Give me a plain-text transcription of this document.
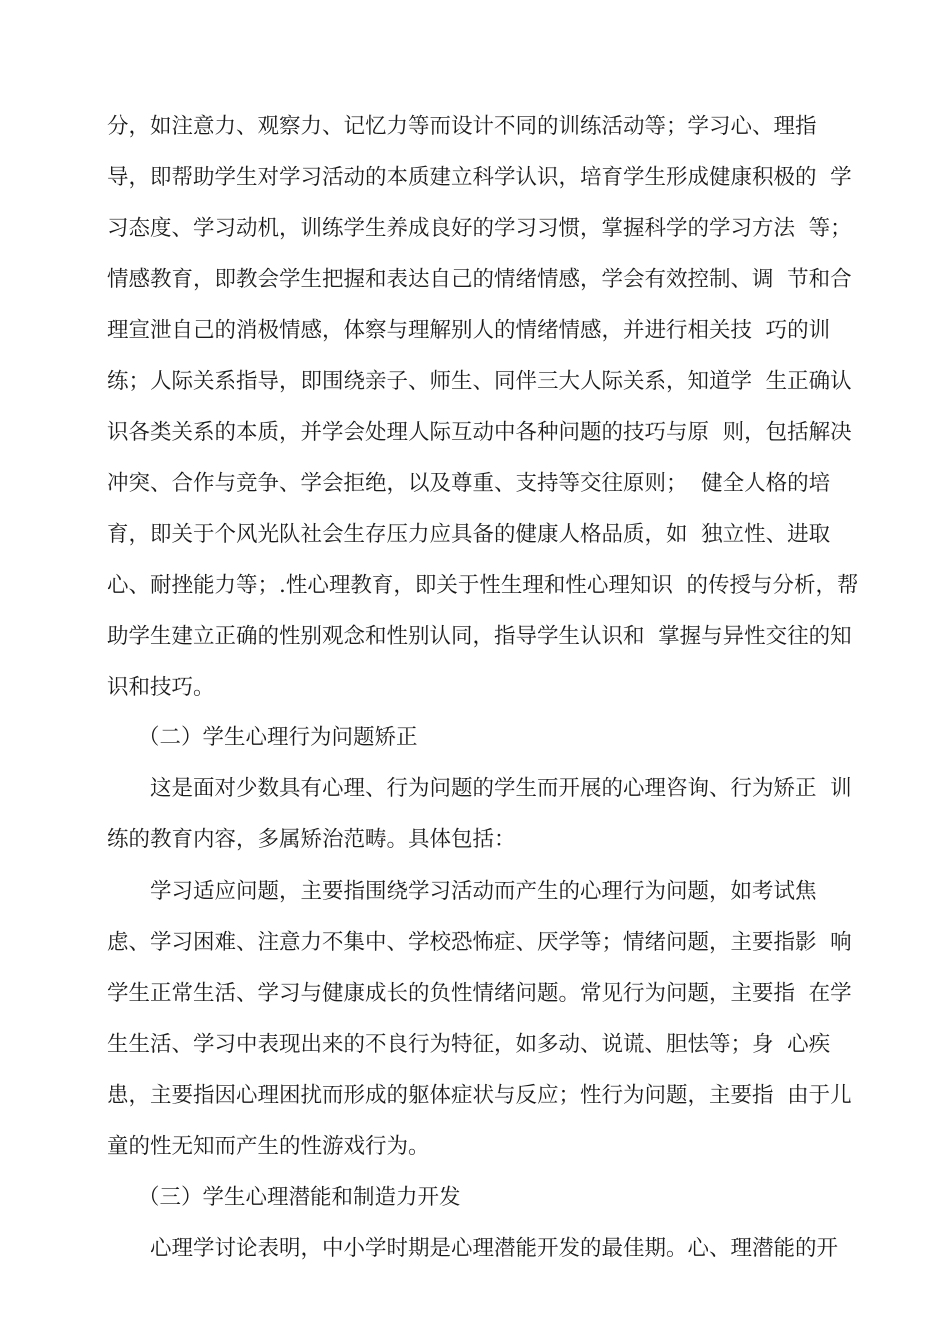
分，如注意力、观察力、记忆力等而设计不同的训练活动等；学习心、理指
导，即帮助学生对学习活动的本质建立科学认识，培育学生形成健康积极的  学
习态度、学习动机，训练学生养成良好的学习习惯，掌握科学的学习方法  等；
情感教育，即教会学生把握和表达自己的情绪情感，学会有效控制、调  节和合
理宣泄自己的消极情感，体察与理解别人的情绪情感，并进行相关技  巧的训
练；人际关系指导，即围绕亲子、师生、同伴三大人际关系，知道学  生正确认
识各类关系的本质，并学会处理人际互动中各种问题的技巧与原  则，包括解决
冲突、合作与竞争、学会拒绝，以及尊重、支持等交往原则；  健全人格的培
育，即关于个风光队社会生存压力应具备的健康人格品质，如  独立性、进取
心、耐挫能力等；.性心理教育，即关于性生理和性心理知识  的传授与分析，帮
助学生建立正确的性别观念和性别认同，指导学生认识和  掌握与异性交往的知
识和技巧。
（二）学生心理行为问题矫正
这是面对少数具有心理、行为问题的学生而开展的心理咨询、行为矫正  训
练的教育内容，多属矫治范畴。具体包括：
学习适应问题，主要指围绕学习活动而产生的心理行为问题，如考试焦
虑、学习困难、注意力不集中、学校恐怖症、厌学等；情绪问题，主要指影  响
学生正常生活、学习与健康成长的负性情绪问题。常见行为问题，主要指  在学
生生活、学习中表现出来的不良行为特征，如多动、说谎、胆怯等；身  心疾
患，主要指因心理困扰而形成的躯体症状与反应；性行为问题，主要指  由于儿
童的性无知而产生的性游戏行为。
（三）学生心理潜能和制造力开发
心理学讨论表明，中小学时期是心理潜能开发的最佳期。心、理潜能的开
